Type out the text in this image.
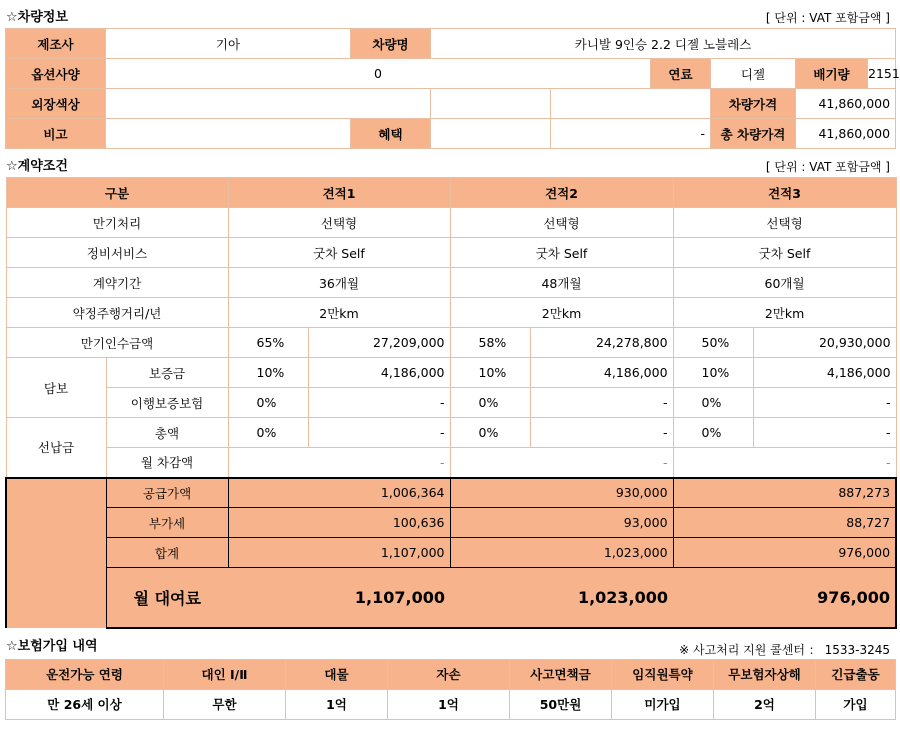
☆차량정보	[ 단위 : VAT 포함금액 ]
제조사	기아	차량명	카니발 9인승 2.2 디젤 노블레스				
옵션사양	0				연료	디젤	배기량 2151

외장색상						차량가격	41,860,000
비고		혜택		-		총 차량가격	41,860,000
☆계약조건	[ 단위 : VAT 포함금액 ]
구분		견적1		견적2		견적3	
만기처리		선택형		선택형		선택형	
정비서비스		굿차 Self		굿차 Self		굿차 Self	
계약기간		36개월		48개월		60개월	
약정주행거리/년		2만km		2만km		2만km	
만기인수금액		65%	27,209,000	58%	24,278,800	50%	20,930,000
담보	보증금	10%	4,186,000	10%	4,186,000	10%	4,186,000
	이행보증보험	0%	-	0%	-	0%	-
선납금	총액	0%	-	0%	-	0%	-
	월 차감액	-		-		-	
	공급가액	1,006,364		930,000		887,273	
	부가세	100,636		93,000		88,727	
	합계	1,107,000		1,023,000		976,000	
	월 대여료	1,107,000		1,023,000		976,000	
☆보험가입 내역	※ 사고처리 지원 콜센터 ： 1533-3245
운전가능 연령	대인 Ⅰ/Ⅱ	대물	자손	사고면책금	임직원특약	무보험자상해	긴급출동
만 26세 이상	무한	1억	1억	50만원	미가입	2억	가입
